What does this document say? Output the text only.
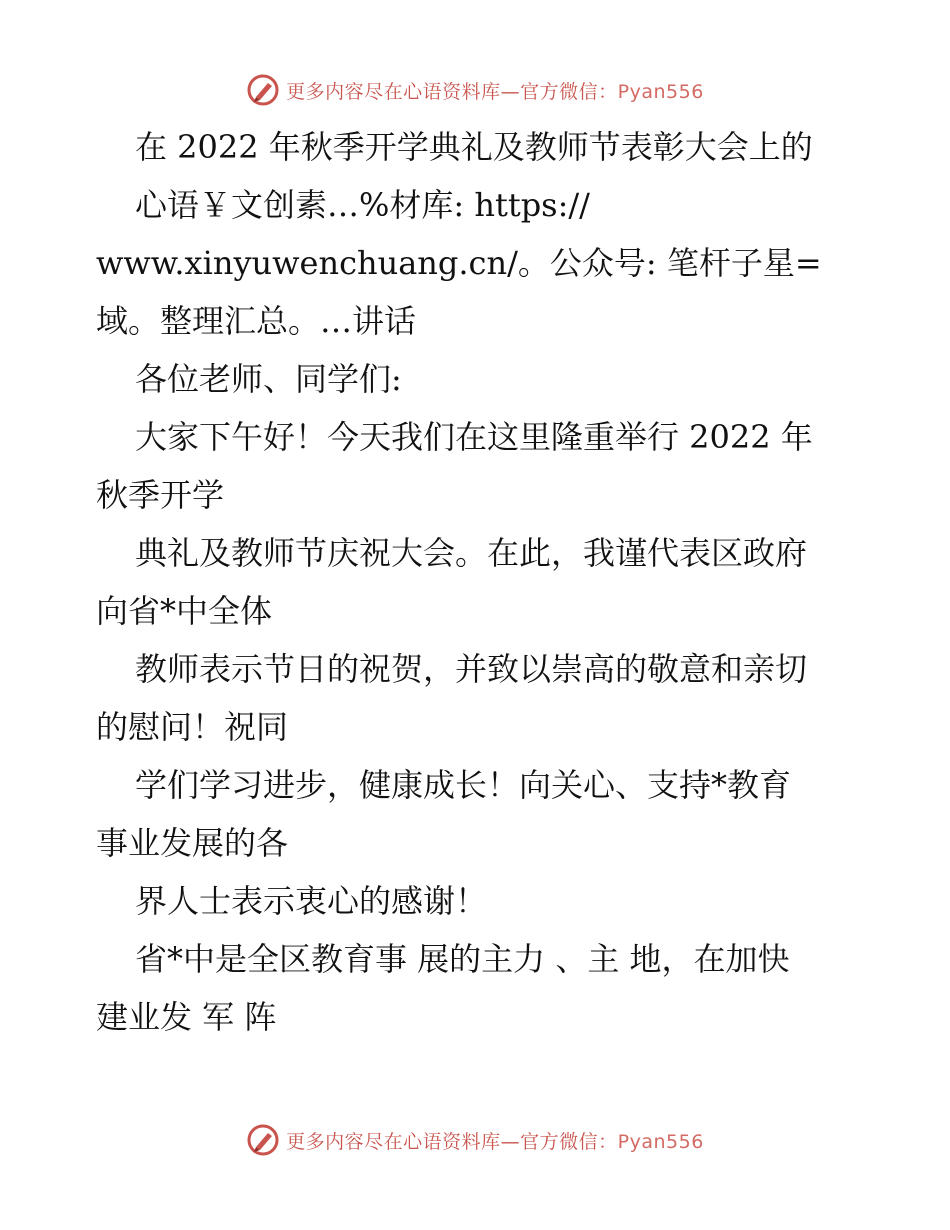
更多内容尽在心语资料库—官方微信：Pyan556
在 2022 年秋季开学典礼及教师节表彰大会上的
心语￥文创素…%材库: https://
www.xinyuwenchuang.cn/。公众号: 笔杆子星=
域。整理汇总。…讲话
各位老师、同学们:
大家下午好！今天我们在这里隆重举行 2022 年
秋季开学
典礼及教师节庆祝大会。在此，我谨代表区政府
向省*中全体
教师表示节日的祝贺，并致以崇高的敬意和亲切
的慰问！祝同
学们学习进步，健康成长！向关心、支持*教育
事业发展的各
界人士表示衷心的感谢！
省*中是全区教育事 展的主力 、主 地，在加快
建业发 军 阵
更多内容尽在心语资料库—官方微信：Pyan556
